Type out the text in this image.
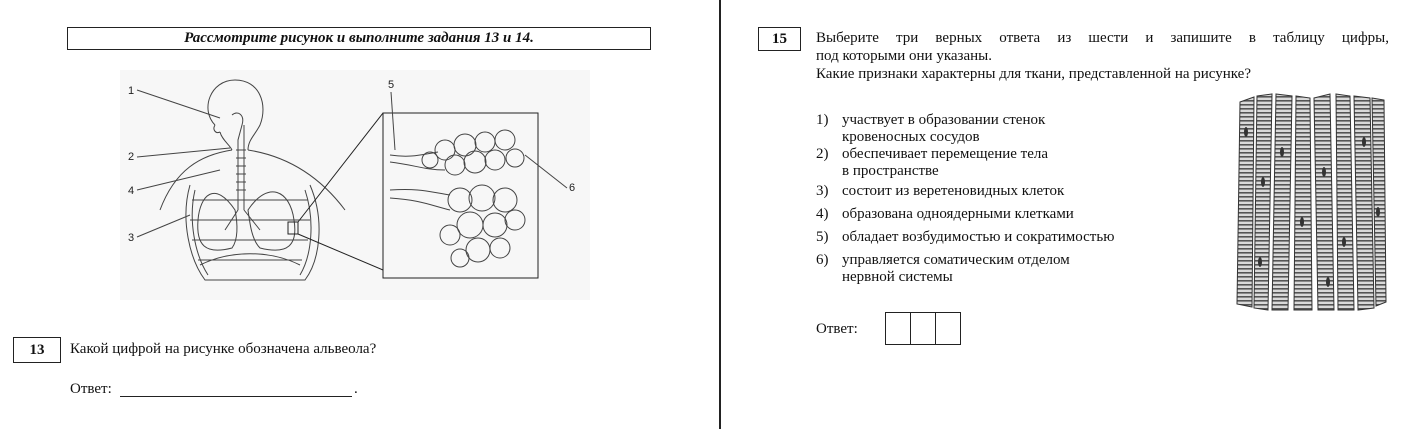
Рассмотрите рисунок и выполните задания 13 и 14.
1
2
3
4
5
6
13	Какой цифрой на рисунке обозначена альвеола?
Ответ:	.
15	Выберите три верных ответа из шести и запишите в таблицу цифры,
под которыми они указаны.
Какие признаки характерны для ткани, представленной на рисунке?
1) участвует в образовании стенок
кровеносных сосудов
2) обеспечивает перемещение тела
в пространстве
3) состоит из веретеновидных клеток
4) образована одноядерными клетками
5) обладает возбудимостью и сократимостью
6) управляется соматическим отделом
нервной системы
Ответ:
